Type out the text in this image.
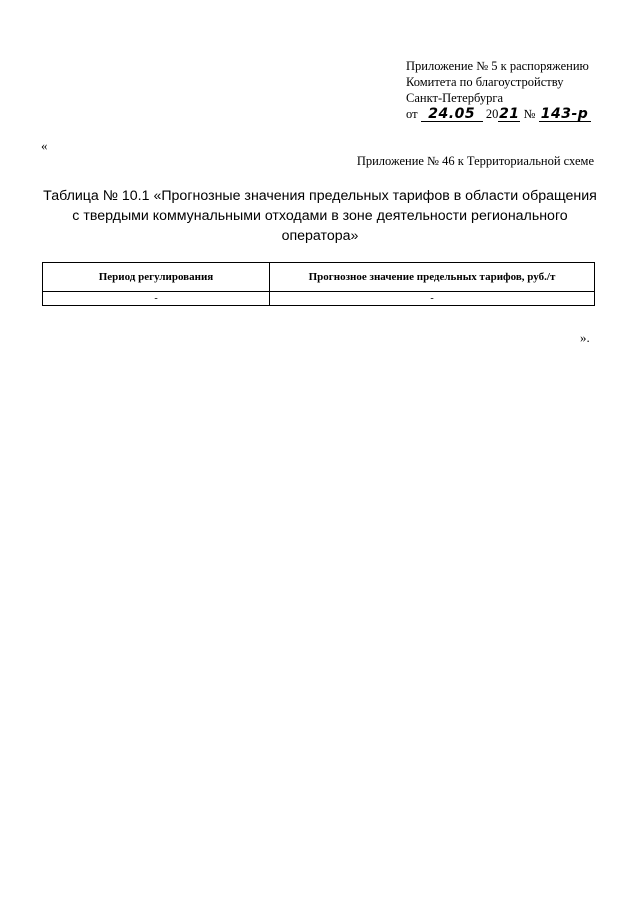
Приложение № 5 к распоряжению
Комитета по благоустройству
Санкт-Петербурга
от 24.05 2021 № 143-р
«
Приложение № 46 к Территориальной схеме
Таблица № 10.1 «Прогнозные значения предельных тарифов в области обращения с твердыми коммунальными отходами в зоне деятельности регионального оператора»
Период регулирования	Прогнозное значение предельных тарифов, руб./т
-	-
».
